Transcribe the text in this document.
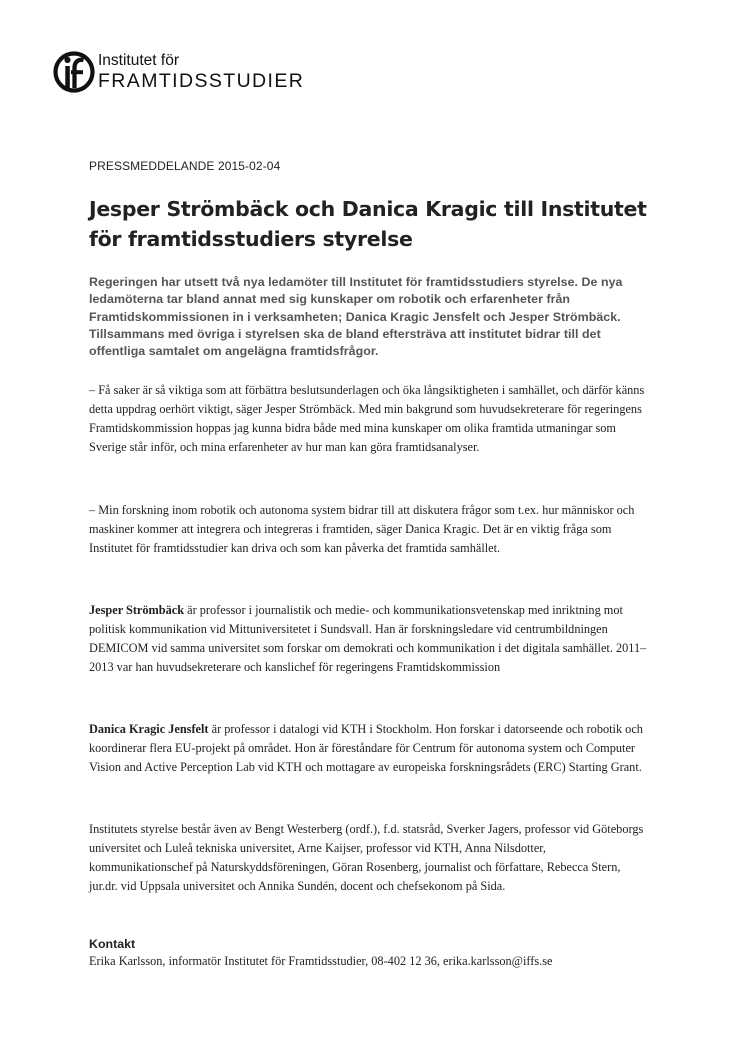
Institutet för
FRAMTIDSSTUDIER
PRESSMEDDELANDE 2015-02-04
Jesper Strömbäck och Danica Kragic till Institutet för framtidsstudiers styrelse

Regeringen har utsett två nya ledamöter till Institutet för framtidsstudiers styrelse. De nya ledamöterna tar bland annat med sig kunskaper om robotik och erfarenheter från Framtidskommissionen in i verksamheten; Danica Kragic Jensfelt och Jesper Strömbäck. Tillsammans med övriga i styrelsen ska de bland eftersträva att institutet bidrar till det offentliga samtalet om angelägna framtidsfrågor.

– Få saker är så viktiga som att förbättra beslutsunderlagen och öka långsiktigheten i samhället, och därför känns detta uppdrag oerhört viktigt, säger Jesper Strömbäck. Med min bakgrund som huvudsekreterare för regeringens Framtidskommission hoppas jag kunna bidra både med mina kunskaper om olika framtida utmaningar som Sverige står inför, och mina erfarenheter av hur man kan göra framtidsanalyser.

– Min forskning inom robotik och autonoma system bidrar till att diskutera frågor som t.ex. hur människor och maskiner kommer att integrera och integreras i framtiden, säger Danica Kragic. Det är en viktig fråga som Institutet för framtidsstudier kan driva och som kan påverka det framtida samhället.

Jesper Strömbäck är professor i journalistik och medie- och kommunikationsvetenskap med inriktning mot politisk kommunikation vid Mittuniversitetet i Sundsvall. Han är forskningsledare vid centrumbildningen DEMICOM vid samma universitet som forskar om demokrati och kommunikation i det digitala samhället. 2011–2013 var han huvudsekreterare och kanslichef för regeringens Framtidskommission

Danica Kragic Jensfelt är professor i datalogi vid KTH i Stockholm. Hon forskar i datorseende och robotik och koordinerar flera EU-projekt på området. Hon är föreståndare för Centrum för autonoma system och Computer Vision and Active Perception Lab vid KTH och mottagare av europeiska forskningsrådets (ERC) Starting Grant.

Institutets styrelse består även av Bengt Westerberg (ordf.), f.d. statsråd, Sverker Jagers, professor vid Göteborgs universitet och Luleå tekniska universitet, Arne Kaijser, professor vid KTH, Anna Nilsdotter, kommunikationschef på Naturskyddsföreningen, Göran Rosenberg, journalist och författare, Rebecca Stern, jur.dr. vid Uppsala universitet och Annika Sundén, docent och chefsekonom på Sida.

Kontakt
Erika Karlsson, informatör Institutet för Framtidsstudier, 08-402 12 36, erika.karlsson@iffs.se
